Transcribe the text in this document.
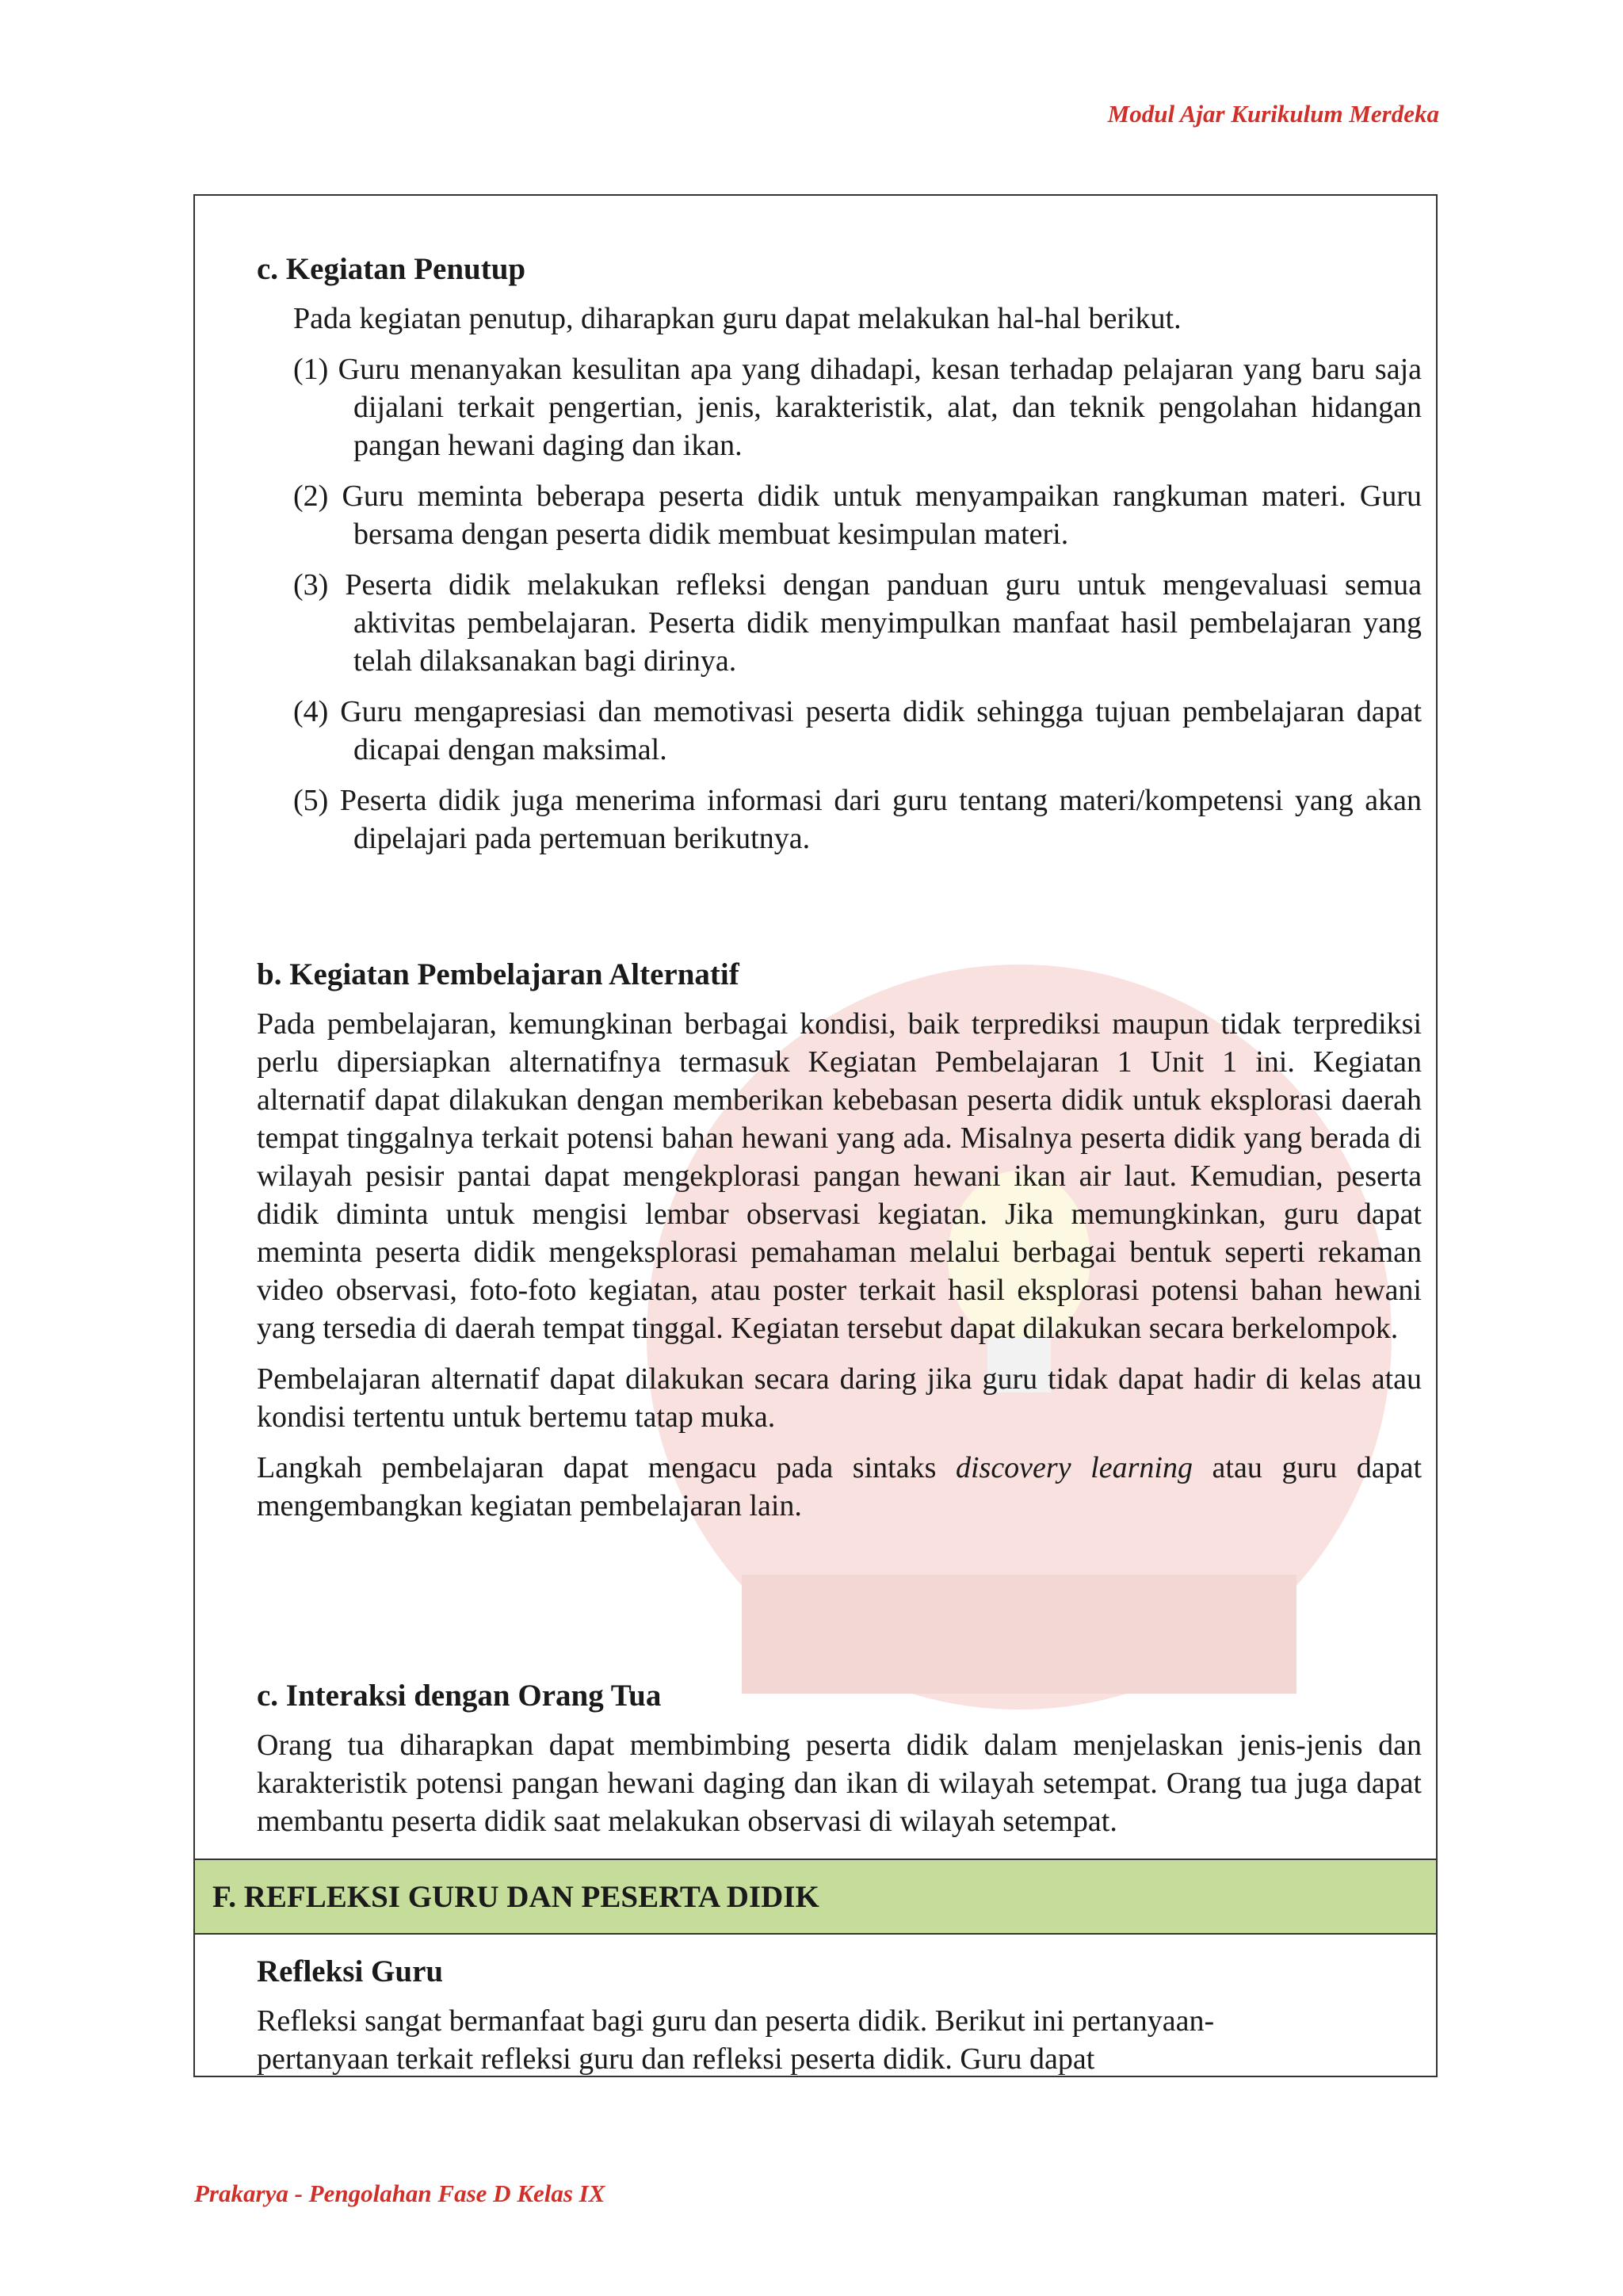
Modul Ajar Kurikulum Merdeka
c. Kegiatan Penutup

Pada kegiatan penutup, diharapkan guru dapat melakukan hal-hal berikut.

(1) Guru menanyakan kesulitan apa yang dihadapi, kesan terhadap pelajaran yang baru saja dijalani terkait pengertian, jenis, karakteristik, alat, dan teknik pengolahan hidangan pangan hewani daging dan ikan.
(2) Guru meminta beberapa peserta didik untuk menyampaikan rangkuman materi. Guru bersama dengan peserta didik membuat kesimpulan materi.
(3) Peserta didik melakukan refleksi dengan panduan guru untuk mengevaluasi semua aktivitas pembelajaran. Peserta didik menyimpulkan manfaat hasil pembelajaran yang telah dilaksanakan bagi dirinya.
(4) Guru mengapresiasi dan memotivasi peserta didik sehingga tujuan pembelajaran dapat dicapai dengan maksimal.
(5) Peserta didik juga menerima informasi dari guru tentang materi/kompetensi yang akan dipelajari pada pertemuan berikutnya.
b. Kegiatan Pembelajaran Alternatif

Pada pembelajaran, kemungkinan berbagai kondisi, baik terprediksi maupun tidak terprediksi perlu dipersiapkan alternatifnya termasuk Kegiatan Pembelajaran 1 Unit 1 ini. Kegiatan alternatif dapat dilakukan dengan memberikan kebebasan peserta didik untuk eksplorasi daerah tempat tinggalnya terkait potensi bahan hewani yang ada. Misalnya peserta didik yang berada di wilayah pesisir pantai dapat mengekplorasi pangan hewani ikan air laut. Kemudian, peserta didik diminta untuk mengisi lembar observasi kegiatan. Jika memungkinkan, guru dapat meminta peserta didik mengeksplorasi pemahaman melalui berbagai bentuk seperti rekaman video observasi, foto-foto kegiatan, atau poster terkait hasil eksplorasi potensi bahan hewani yang tersedia di daerah tempat tinggal. Kegiatan tersebut dapat dilakukan secara berkelompok.

Pembelajaran alternatif dapat dilakukan secara daring jika guru tidak dapat hadir di kelas atau kondisi tertentu untuk bertemu tatap muka.

Langkah pembelajaran dapat mengacu pada sintaks discovery learning atau guru dapat mengembangkan kegiatan pembelajaran lain.

c. Interaksi dengan Orang Tua

Orang tua diharapkan dapat membimbing peserta didik dalam menjelaskan jenis-jenis dan karakteristik potensi pangan hewani daging dan ikan di wilayah setempat. Orang tua juga dapat membantu peserta didik saat melakukan observasi di wilayah setempat.

F. REFLEKSI GURU DAN PESERTA DIDIK
Refleksi Guru

Refleksi sangat bermanfaat bagi guru dan peserta didik. Berikut ini pertanyaan-

pertanyaan terkait refleksi guru dan refleksi peserta didik. Guru dapat

Prakarya - Pengolahan Fase D Kelas IX
